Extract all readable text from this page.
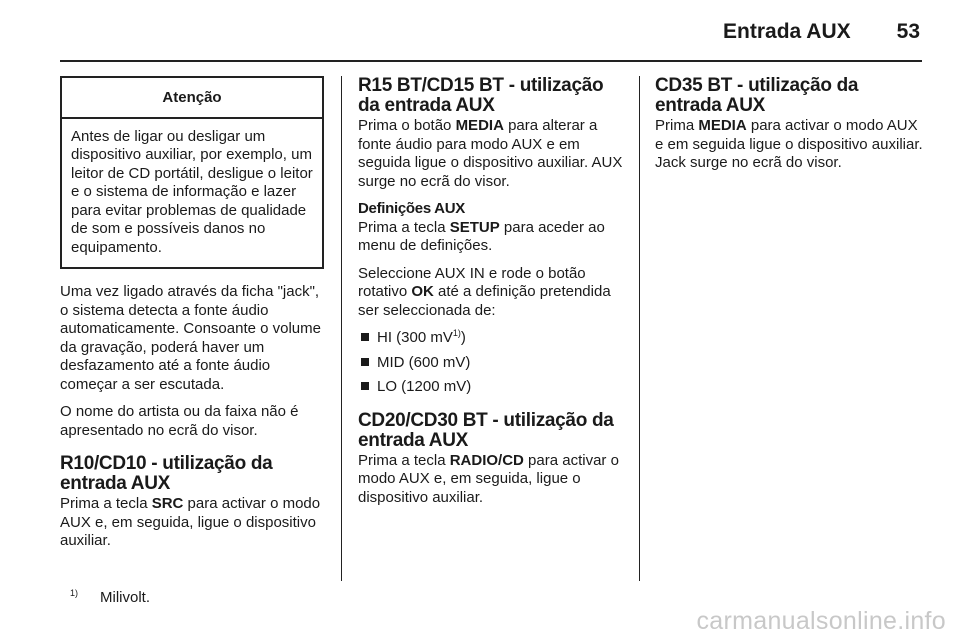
Entrada AUX 53
Atenção
Antes de ligar ou desligar um dispositivo auxiliar, por exemplo, um leitor de CD portátil, desligue o leitor e o sistema de informação e lazer para evitar problemas de qualidade de som e possíveis danos no equipamento.

Uma vez ligado através da ficha "jack", o sistema detecta a fonte áudio automaticamente. Consoante o volume da gravação, poderá haver um desfazamento até a fonte áudio começar a ser escutada.

O nome do artista ou da faixa não é apresentado no ecrã do visor.

R10/CD10 - utilização da entrada AUX

Prima a tecla SRC para activar o modo AUX e, em seguida, ligue o dispositivo auxiliar.

R15 BT/CD15 BT - utilização da entrada AUX

Prima o botão MEDIA para alterar a fonte áudio para modo AUX e em seguida ligue o dispositivo auxiliar. AUX surge no ecrã do visor.

Definições AUX

Prima a tecla SETUP para aceder ao menu de definições.

Seleccione AUX IN e rode o botão rotativo OK até a definição pretendida ser seleccionada de:

HI (300 $mV^{1)}$)
MID (600 mV)
LO (1200 mV)
CD20/CD30 BT - utilização da entrada AUX

Prima a tecla RADIO/CD para activar o modo AUX e, em seguida, ligue o dispositivo auxiliar.

CD35 BT - utilização da entrada AUX

Prima MEDIA para activar o modo AUX e em seguida ligue o dispositivo auxiliar. Jack surge no ecrã do visor.

$^{1)}$ Milivolt.
carmanualsonline.info
